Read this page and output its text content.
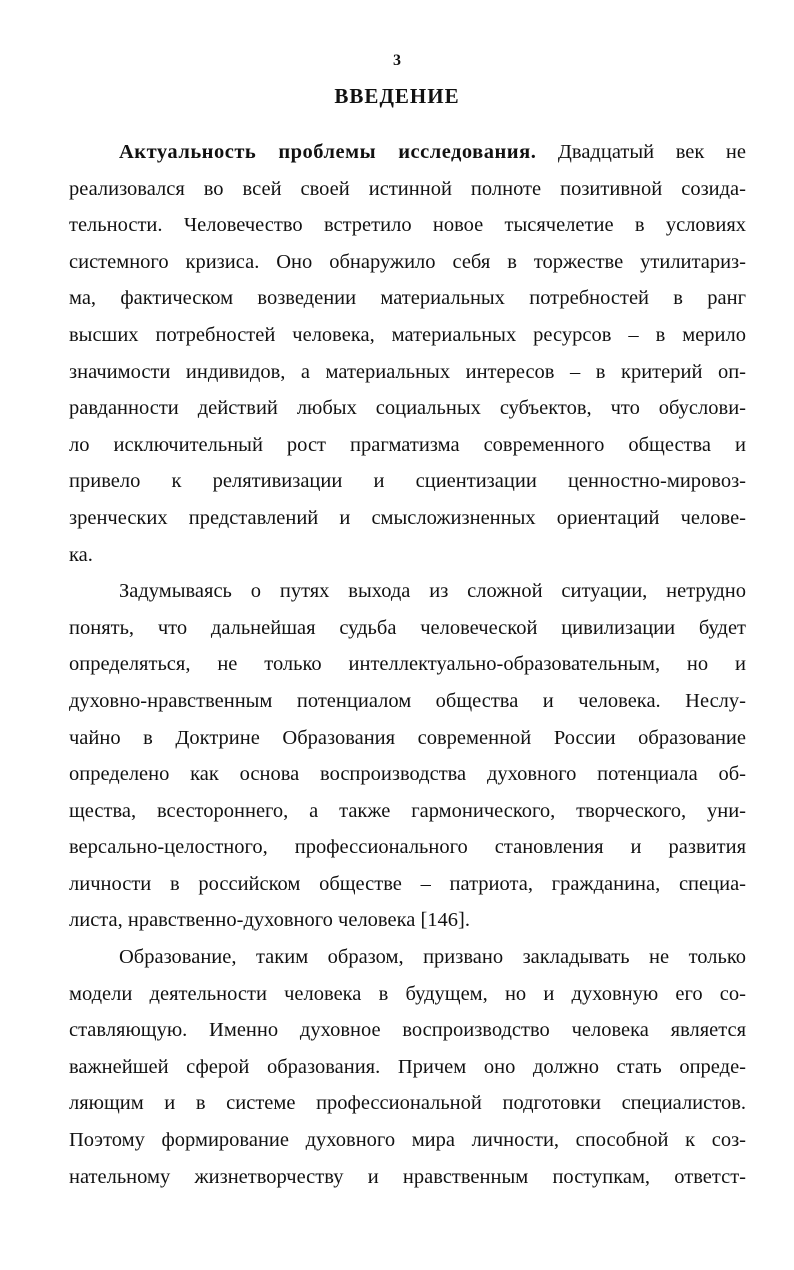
3
ВВЕДЕНИЕ
Актуальность проблемы исследования. Двадцатый век не
реализовался во всей своей истинной полноте позитивной созида-
тельности. Человечество встретило новое тысячелетие в условиях
системного кризиса. Оно обнаружило себя в торжестве утилитариз-
ма, фактическом возведении материальных потребностей в ранг
высших потребностей человека, материальных ресурсов – в мерило
значимости индивидов, а материальных интересов – в критерий оп-
равданности действий любых социальных субъектов, что обуслови-
ло исключительный рост прагматизма современного общества и
привело к релятивизации и сциентизации ценностно-мировоз-
зренческих представлений и смысложизненных ориентаций челове-
ка.
Задумываясь о путях выхода из сложной ситуации, нетрудно
понять, что дальнейшая судьба человеческой цивилизации будет
определяться, не только интеллектуально-образовательным, но и
духовно-нравственным потенциалом общества и человека. Неслу-
чайно в Доктрине Образования современной России образование
определено как основа воспроизводства духовного потенциала об-
щества, всестороннего, а также гармонического, творческого, уни-
версально-целостного, профессионального становления и развития
личности в российском обществе – патриота, гражданина, специа-
листа, нравственно-духовного человека [146].
Образование, таким образом, призвано закладывать не только
модели деятельности человека в будущем, но и духовную его со-
ставляющую. Именно духовное воспроизводство человека является
важнейшей сферой образования. Причем оно должно стать опреде-
ляющим и в системе профессиональной подготовки специалистов.
Поэтому формирование духовного мира личности, способной к соз-
нательному жизнетворчеству и нравственным поступкам, ответст-
